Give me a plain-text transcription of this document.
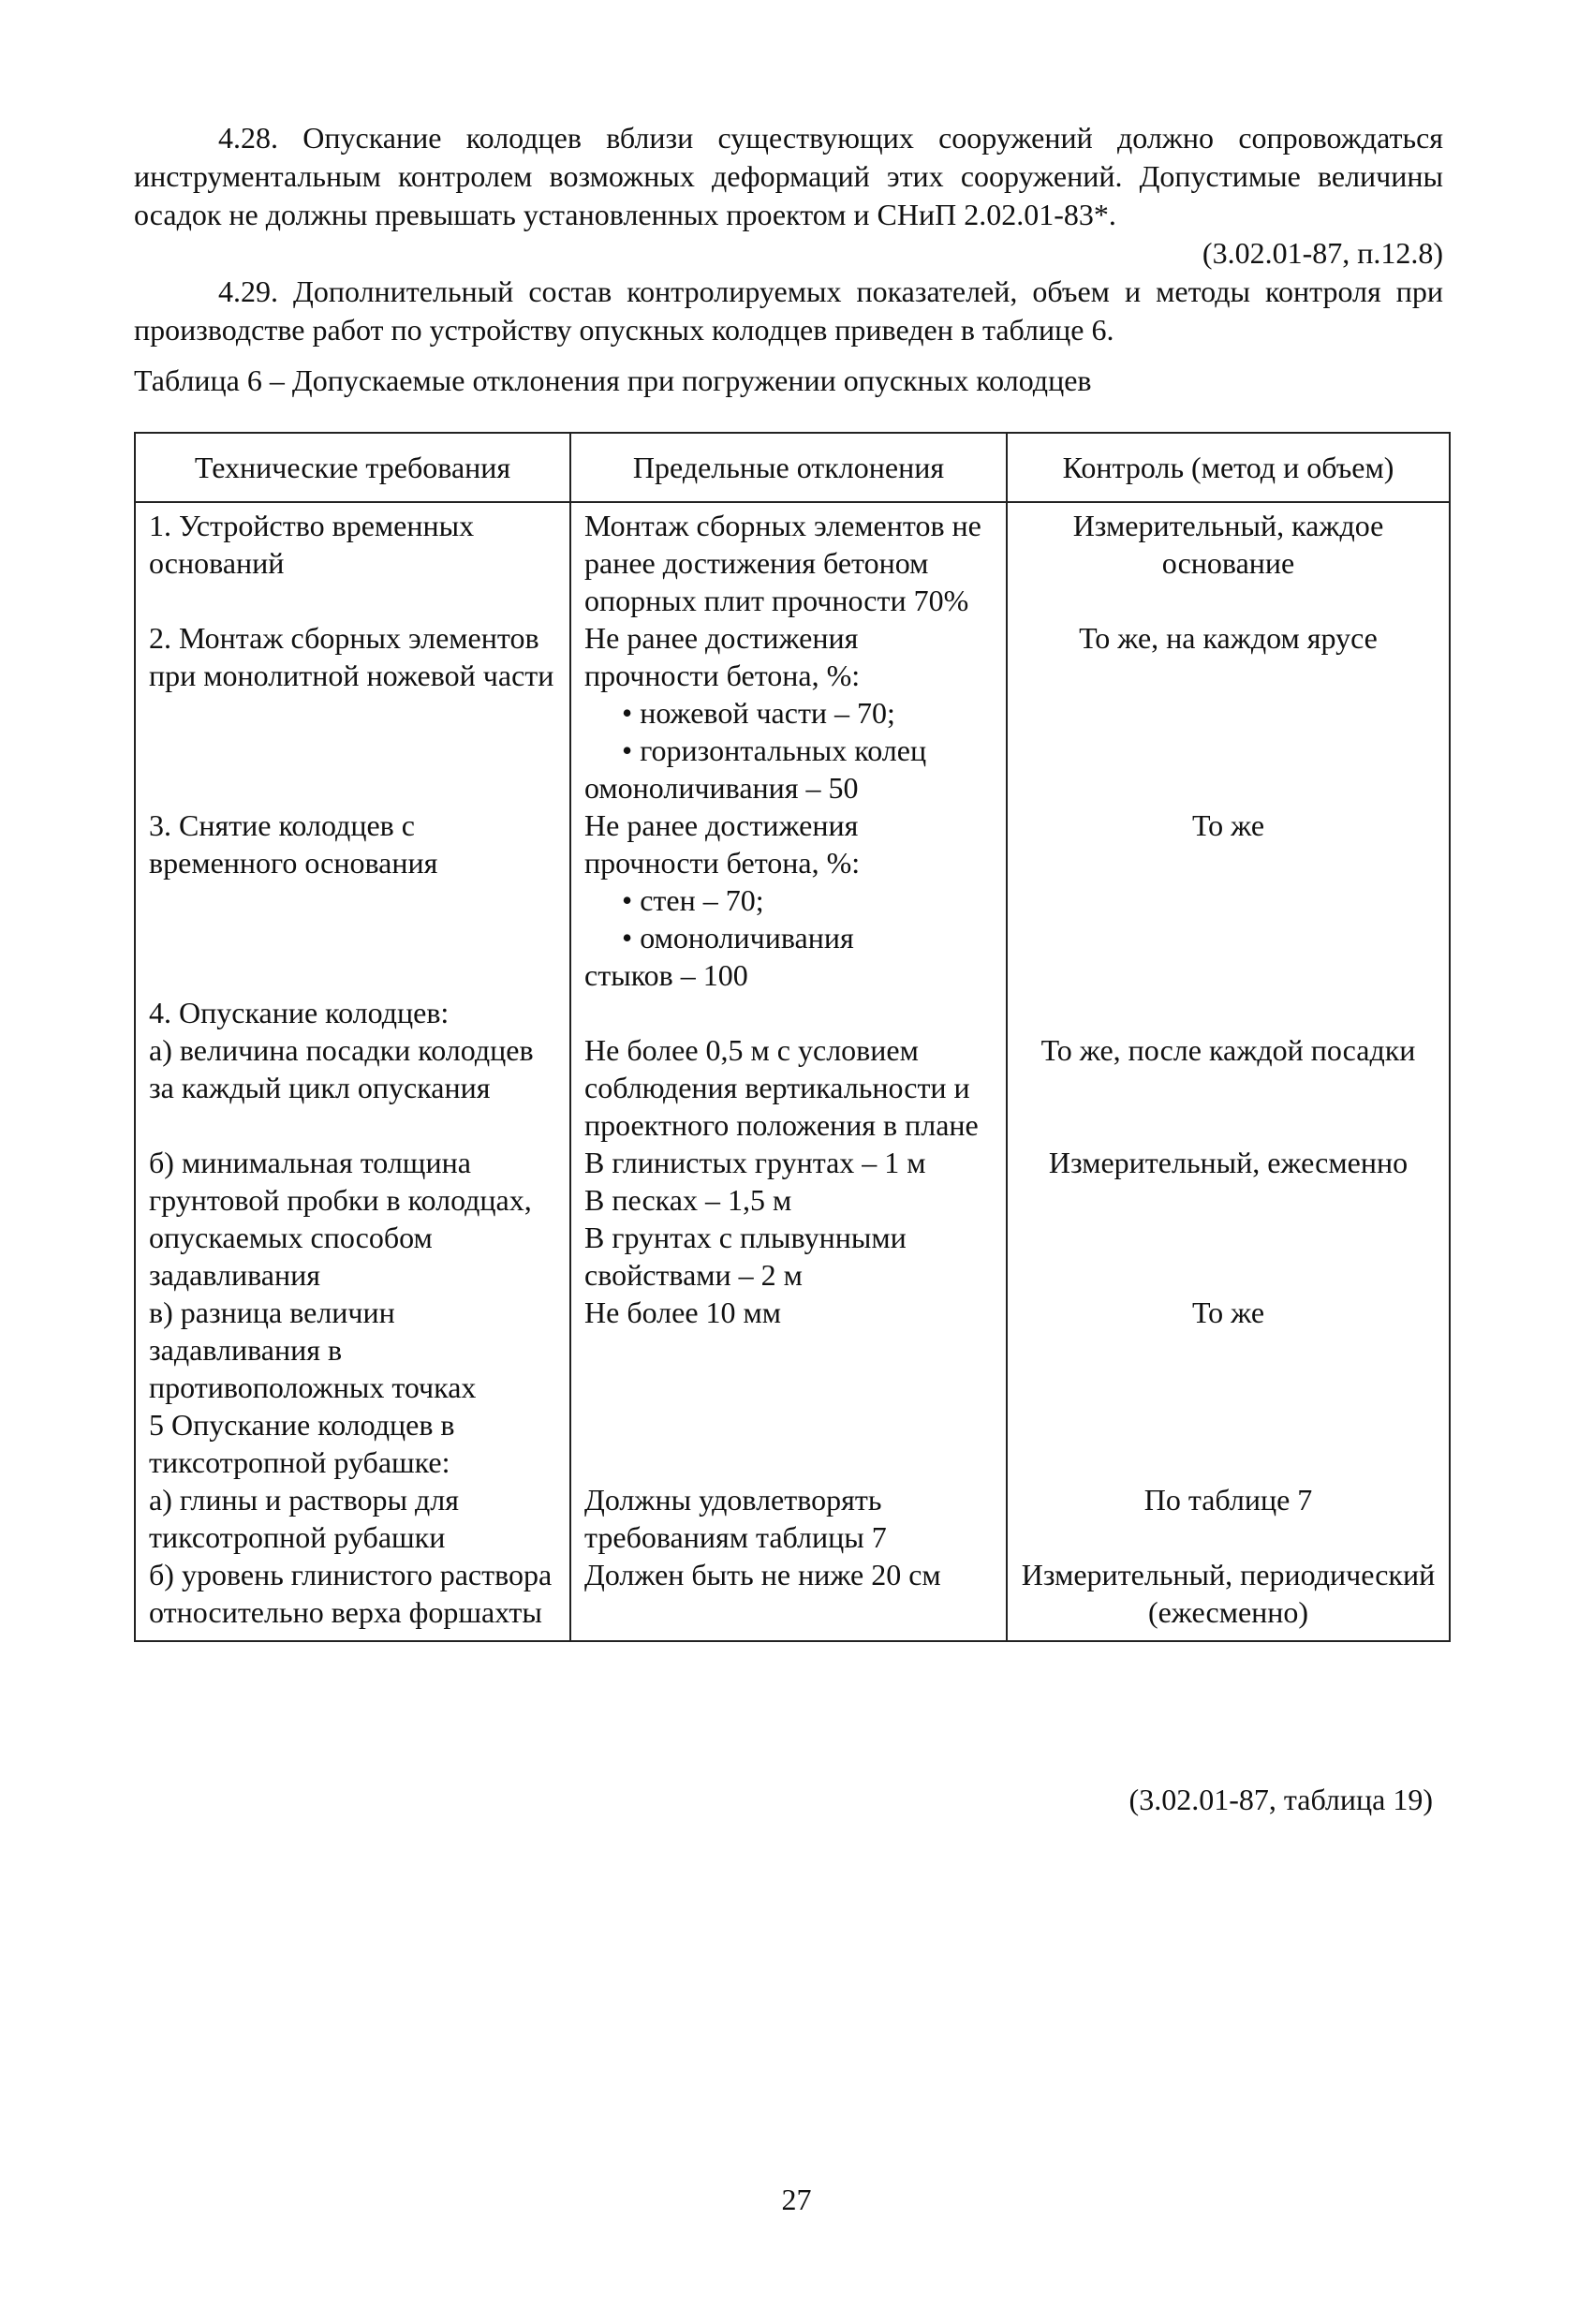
4.28. Опускание колодцев вблизи существующих сооружений должно сопровождаться инструментальным контролем возможных деформаций этих сооружений. Допустимые величины осадок не должны превышать установленных проектом и СНиП 2.02.01-83*.
(3.02.01-87, п.12.8)
4.29. Дополнительный состав контролируемых показателей, объем и методы контроля при производстве работ по устройству опускных колодцев приведен в таблице 6.
Таблица 6 – Допускаемые отклонения при погружении опускных колодцев
Технические требования	Предельные отклонения	Контроль (метод и объем)
1. Устройство временных оснований	Монтаж сборных элементов не ранее достижения бетоном опорных плит прочности 70%	Измерительный, каждое основание
2. Монтаж сборных элементов при монолитной ножевой части	Не ранее достижения прочности бетона, %:
• ножевой части – 70;
• горизонтальных колец
омоноличивания – 50	То же, на каждом ярусе
3. Снятие колодцев с временного основания	Не ранее достижения прочности бетона, %:
• стен – 70;
• омоноличивания
стыков – 100	То же
4. Опускание колодцев:		
а) величина посадки колодцев за каждый цикл опускания	Не более 0,5 м с условием соблюдения вертикальности и проектного положения в плане	То же, после каждой посадки
б) минимальная толщина грунтовой пробки в колодцах, опускаемых способом задавливания	В глинистых грунтах – 1 м
В песках – 1,5 м
В грунтах с плывунными свойствами – 2 м	Измерительный, ежесменно
в) разница величин задавливания в противоположных точках	Не более 10 мм	То же
5 Опускание колодцев в тиксотропной рубашке:		
а) глины и растворы для тиксотропной рубашки	Должны удовлетворять требованиям таблицы 7	По таблице 7
б) уровень глинистого раствора относительно верха форшахты	Должен быть не ниже 20 см	Измерительный, периодический (ежесменно)
(3.02.01-87, таблица 19)
27
